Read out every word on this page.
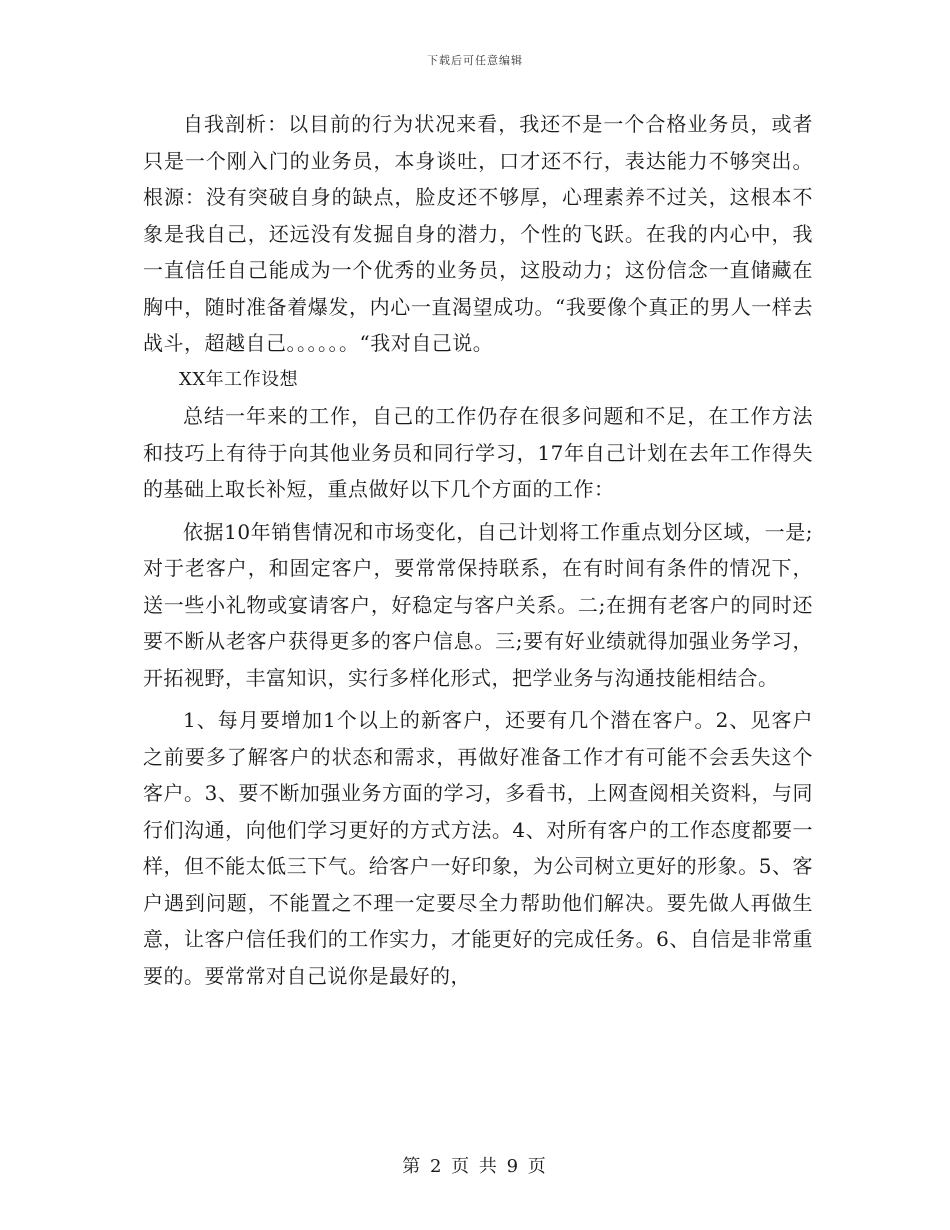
下载后可任意编辑

自我剖析：以目前的行为状况来看，我还不是一个合格业务员，或者只是一个刚入门的业务员，本身谈吐，口才还不行，表达能力不够突出。根源：没有突破自身的缺点，脸皮还不够厚，心理素养不过关，这根本不象是我自己，还远没有发掘自身的潜力，个性的飞跃。在我的内心中，我一直信任自己能成为一个优秀的业务员，这股动力；这份信念一直储藏在胸中，随时准备着爆发，内心一直渴望成功。“我要像个真正的男人一样去战斗，超越自己。。。。。。“我对自己说。

XX年工作设想

总结一年来的工作，自己的工作仍存在很多问题和不足，在工作方法和技巧上有待于向其他业务员和同行学习，17年自己计划在去年工作得失的基础上取长补短，重点做好以下几个方面的工作：

依据10年销售情况和市场变化，自己计划将工作重点划分区域，一是;对于老客户，和固定客户，要常常保持联系，在有时间有条件的情况下，送一些小礼物或宴请客户，好稳定与客户关系。二;在拥有老客户的同时还要不断从老客户获得更多的客户信息。三;要有好业绩就得加强业务学习，开拓视野，丰富知识，实行多样化形式，把学业务与沟通技能相结合。

1、每月要增加1个以上的新客户，还要有几个潜在客户。2、见客户之前要多了解客户的状态和需求，再做好准备工作才有可能不会丢失这个客户。3、要不断加强业务方面的学习，多看书，上网查阅相关资料，与同行们沟通，向他们学习更好的方式方法。4、对所有客户的工作态度都要一样，但不能太低三下气。给客户一好印象，为公司树立更好的形象。5、客户遇到问题，不能置之不理一定要尽全力帮助他们解决。要先做人再做生意，让客户信任我们的工作实力，才能更好的完成任务。6、自信是非常重要的。要常常对自己说你是最好的，

第 2 页 共 9 页
